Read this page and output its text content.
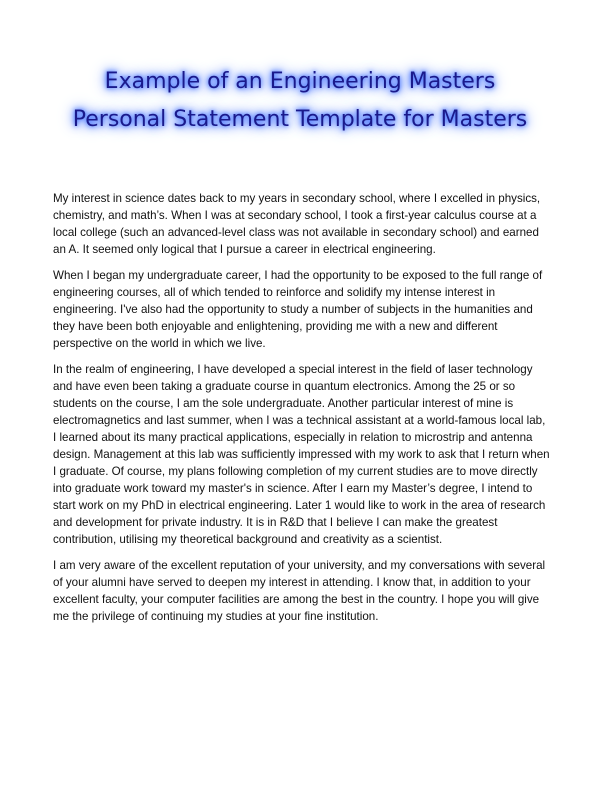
Example of an Engineering Masters
Personal Statement Template for Masters

My interest in science dates back to my years in secondary school, where I excelled in physics, chemistry, and math’s. When I was at secondary school, I took a first-year calculus course at a local college (such an advanced-level class was not available in secondary school) and earned an A. It seemed only logical that I pursue a career in electrical engineering.

When I began my undergraduate career, I had the opportunity to be exposed to the full range of engineering courses, all of which tended to reinforce and solidify my intense interest in engineering. I've also had the opportunity to study a number of subjects in the humanities and they have been both enjoyable and enlightening, providing me with a new and different perspective on the world in which we live.

In the realm of engineering, I have developed a special interest in the field of laser technology and have even been taking a graduate course in quantum electronics. Among the 25 or so students on the course, I am the sole undergraduate. Another particular interest of mine is electromagnetics and last summer, when I was a technical assistant at a world-famous local lab, I learned about its many practical applications, especially in relation to microstrip and antenna design. Management at this lab was sufficiently impressed with my work to ask that I return when I graduate. Of course, my plans following completion of my current studies are to move directly into graduate work toward my master's in science. After I earn my Master’s degree, I intend to start work on my PhD in electrical engineering. Later 1 would like to work in the area of research and development for private industry. It is in R&D that I believe I can make the greatest contribution, utilising my theoretical background and creativity as a scientist.

I am very aware of the excellent reputation of your university, and my conversations with several of your alumni have served to deepen my interest in attending. I know that, in addition to your excellent faculty, your computer facilities are among the best in the country. I hope you will give me the privilege of continuing my studies at your fine institution.
